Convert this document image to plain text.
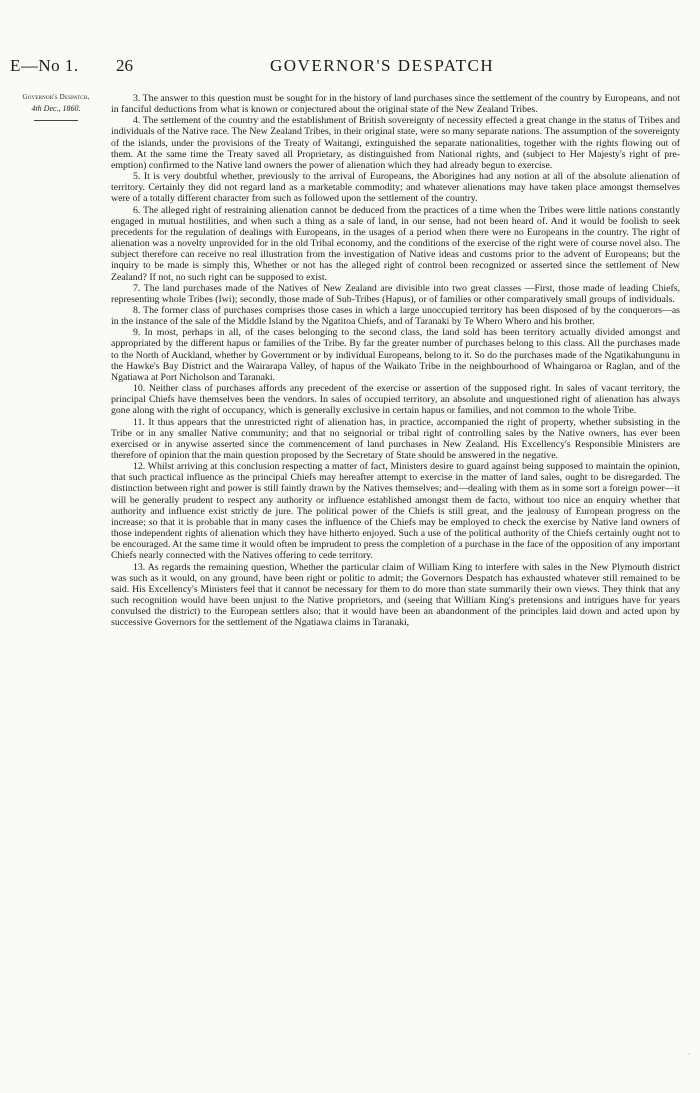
E—No 1. 26	GOVERNOR'S DESPATCH
Governor's Despatch,
4th Dec., 1860.

3. The answer to this question must be sought for in the history of land purchases since the settlement of the country by Europeans, and not in fanciful deductions from what is known or conjectured about the original state of the New Zealand Tribes.

4. The settlement of the country and the establishment of British sovereignty of necessity effected a great change in the status of Tribes and individuals of the Native race. The New Zealand Tribes, in their original state, were so many separate nations. The assumption of the sovereignty of the islands, under the provisions of the Treaty of Waitangi, extinguished the separate nationalities, together with the rights flowing out of them. At the same time the Treaty saved all Proprietary, as distinguished from National rights, and (subject to Her Majesty's right of pre-emption) confirmed to the Native land owners the power of alienation which they had already begun to exercise.

5. It is very doubtful whether, previously to the arrival of Europeans, the Aborigines had any notion at all of the absolute alienation of territory. Certainly they did not regard land as a marketable commodity; and whatever alienations may have taken place amongst themselves were of a totally different character from such as followed upon the settlement of the country.

6. The alleged right of restraining alienation cannot be deduced from the practices of a time when the Tribes were little nations constantly engaged in mutual hostilities, and when such a thing as a sale of land, in our sense, had not been heard of. And it would be foolish to seek precedents for the regulation of dealings with Europeans, in the usages of a period when there were no Europeans in the country. The right of alienation was a novelty unprovided for in the old Tribal economy, and the conditions of the exercise of the right were of course novel also. The subject therefore can receive no real illustration from the investigation of Native ideas and customs prior to the advent of Europeans; but the inquiry to be made is simply this, Whether or not has the alleged right of control been recognized or asserted since the settlement of New Zealand? If not, no such right can be supposed to exist.

7. The land purchases made of the Natives of New Zealand are divisible into two great classes —First, those made of leading Chiefs, representing whole Tribes (Iwi); secondly, those made of Sub-Tribes (Hapus), or of families or other comparatively small groups of individuals.

8. The former class of purchases comprises those cases in which a large unoccupied territory has been disposed of by the conquerors—as in the instance of the sale of the Middle Island by the Ngatitoa Chiefs, and of Taranaki by Te Whero Whero and his brother.

9. In most, perhaps in all, of the cases belonging to the second class, the land sold has been territory actually divided amongst and appropriated by the different hapus or families of the Tribe. By far the greater number of purchases belong to this class. All the purchases made to the North of Auckland, whether by Government or by individual Europeans, belong to it. So do the purchases made of the Ngatikahungunu in the Hawke's Bay District and the Wairarapa Valley, of hapus of the Waikato Tribe in the neighbourhood of Whaingaroa or Raglan, and of the Ngatiawa at Port Nicholson and Taranaki.

10. Neither class of purchases affords any precedent of the exercise or assertion of the supposed right. In sales of vacant territory, the principal Chiefs have themselves been the vendors. In sales of occupied territory, an absolute and unquestioned right of alienation has always gone along with the right of occupancy, which is generally exclusive in certain hapus or families, and not common to the whole Tribe.

11. It thus appears that the unrestricted right of alienation has, in practice, accompanied the right of property, whether subsisting in the Tribe or in any smaller Native community; and that no seignorial or tribal right of controlling sales by the Native owners, has ever been exercised or in anywise asserted since the commencement of land purchases in New Zealand. His Excellency's Responsible Ministers are therefore of opinion that the main question proposed by the Secretary of State should be answered in the negative.

12. Whilst arriving at this conclusion respecting a matter of fact, Ministers desire to guard against being supposed to maintain the opinion, that such practical influence as the principal Chiefs may hereafter attempt to exercise in the matter of land sales, ought to be disregarded. The distinction between right and power is still faintly drawn by the Natives themselves; and—dealing with them as in some sort a foreign power—it will be generally prudent to respect any authority or influence established amongst them de facto, without too nice an enquiry whether that authority and influence exist strictly de jure. The political power of the Chiefs is still great, and the jealousy of European progress on the increase; so that it is probable that in many cases the influence of the Chiefs may be employed to check the exercise by Native land owners of those independent rights of alienation which they have hitherto enjoyed. Such a use of the political authority of the Chiefs certainly ought not to be encouraged. At the same time it would often be imprudent to press the completion of a purchase in the face of the opposition of any important Chiefs nearly connected with the Natives offering to cede territory.

13. As regards the remaining question, Whether the particular claim of William King to interfere with sales in the New Plymouth district was such as it would, on any ground, have been right or politic to admit; the Governors Despatch has exhausted whatever still remained to be said. His Excellency's Ministers feel that it cannot be necessary for them to do more than state summarily their own views. They think that any such recognition would have been unjust to the Native proprietors, and (seeing that William King's pretensions and intrigues have for years convulsed the district) to the European settlers also; that it would have been an abandonment of the principles laid down and acted upon by successive Governors for the settlement of the Ngatiawa claims in Taranaki,

·
